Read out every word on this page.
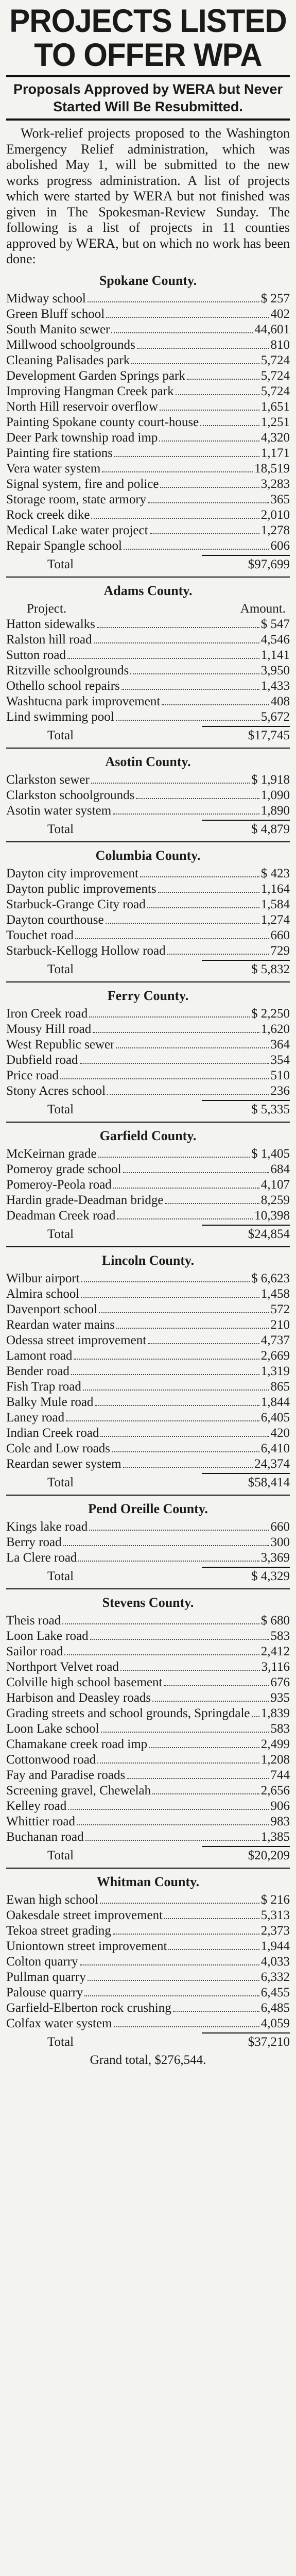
PROJECTS LISTED
TO OFFER WPA
Proposals Approved by WERA but Never Started Will Be Resubmitted.

Work-relief projects proposed to the Washington Emergency Relief administration, which was abolished May 1, will be submitted to the new works progress administration. A list of projects which were started by WERA but not finished was given in The Spokesman-Review Sunday. The following is a list of projects in 11 counties approved by WERA, but on which no work has been done:

Spokane County.
Midway school	$ 257
Green Bluff school	402
South Manito sewer	44,601
Millwood schoolgrounds	810
Cleaning Palisades park	5,724
Development Garden Springs park	5,724
Improving Hangman Creek park	5,724
North Hill reservoir overflow	1,651
Painting Spokane county court-house	1,251
Deer Park township road imp	4,320
Painting fire stations	1,171
Vera water system	18,519
Signal system, fire and police	3,283
Storage room, state armory	365
Rock creek dike	2,010
Medical Lake water project	1,278
Repair Spangle school	606
Total	$97,699
Adams County.
Project.	Amount.
Hatton sidewalks	$ 547
Ralston hill road	4,546
Sutton road	1,141
Ritzville schoolgrounds	3,950
Othello school repairs	1,433
Washtucna park improvement	408
Lind swimming pool	5,672
Total	$17,745
Asotin County.
Clarkston sewer	$ 1,918
Clarkston schoolgrounds	1,090
Asotin water system	1,890
Total	$ 4,879
Columbia County.
Dayton city improvement	$ 423
Dayton public improvements	1,164
Starbuck-Grange City road	1,584
Dayton courthouse	1,274
Touchet road	660
Starbuck-Kellogg Hollow road	729
Total	$ 5,832
Ferry County.
Iron Creek road	$ 2,250
Mousy Hill road	1,620
West Republic sewer	364
Dubfield road	354
Price road	510
Stony Acres school	236
Total	$ 5,335
Garfield County.
McKeirnan grade	$ 1,405
Pomeroy grade school	684
Pomeroy-Peola road	4,107
Hardin grade-Deadman bridge	8,259
Deadman Creek road	10,398
Total	$24,854
Lincoln County.
Wilbur airport	$ 6,623
Almira school	1,458
Davenport school	572
Reardan water mains	210
Odessa street improvement	4,737
Lamont road	2,669
Bender road	1,319
Fish Trap road	865
Balky Mule road	1,844
Laney road	6,405
Indian Creek road	420
Cole and Low roads	6,410
Reardan sewer system	24,374
Total	$58,414
Pend Oreille County.
Kings lake road	660
Berry road	300
La Clere road	3,369
Total	$ 4,329
Stevens County.
Theis road	$ 680
Loon Lake road	583
Sailor road	2,412
Northport Velvet road	3,116
Colville high school basement	676
Harbison and Deasley roads	935
Grading streets and school grounds, Springdale 1,839
Loon Lake school	583
Chamakane creek road imp	2,499
Cottonwood road	1,208
Fay and Paradise roads	744
Screening gravel, Chewelah	2,656
Kelley road	906
Whittier road	983
Buchanan road	1,385
Total	$20,209
Whitman County.
Ewan high school	$ 216
Oakesdale street improvement	5,313
Tekoa street grading	2,373
Uniontown street improvement	1,944
Colton quarry	4,033
Pullman quarry	6,332
Palouse quarry	6,455
Garfield-Elberton rock crushing	6,485
Colfax water system	4,059
Total	$37,210
Grand total, $276,544.
